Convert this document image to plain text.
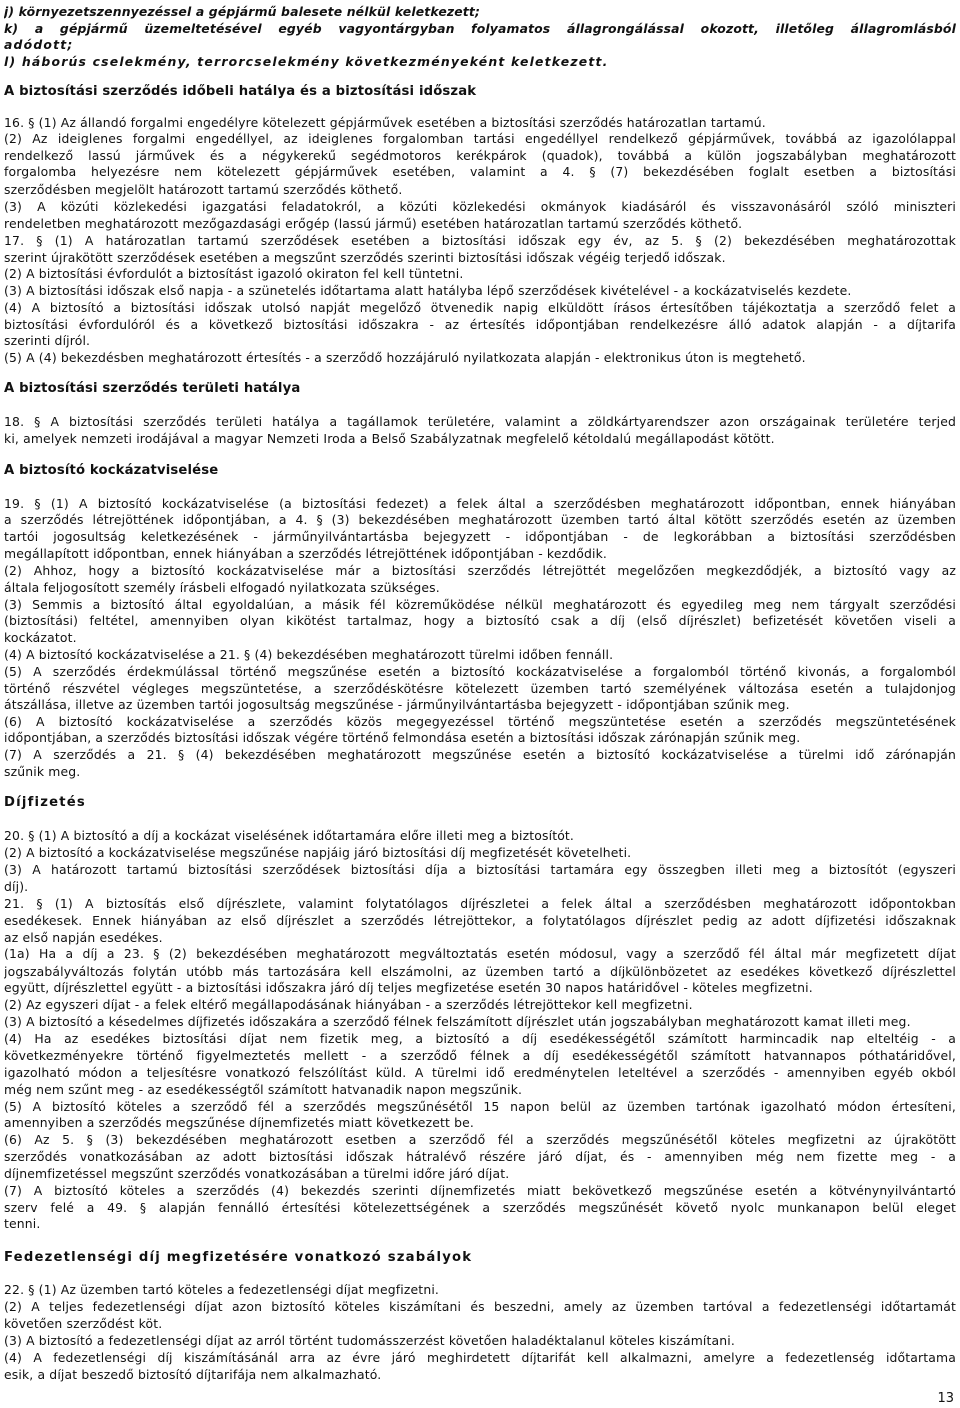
j) környezetszennyezéssel a gépjármű balesete nélkül keletkezett;
k) a gépjármű üzemeltetésével egyéb vagyontárgyban folyamatos állagrongálással okozott, illetőleg állagromlásból
adódott;
l) háborús cselekmény, terrorcselekmény következményeként keletkezett.
A biztosítási szerződés időbeli hatálya és a biztosítási időszak
16. § (1) Az állandó forgalmi engedélyre kötelezett gépjárművek esetében a biztosítási szerződés határozatlan tartamú.
(2) Az ideiglenes forgalmi engedéllyel, az ideiglenes forgalomban tartási engedéllyel rendelkező gépjárművek, továbbá az igazolólappal
rendelkező lassú járművek és a négykerekű segédmotoros kerékpárok (quadok), továbbá a külön jogszabályban meghatározott
forgalomba helyezésre nem kötelezett gépjárművek esetében, valamint a 4. § (7) bekezdésében foglalt esetben a biztosítási
szerződésben megjelölt határozott tartamú szerződés köthető.
(3) A közúti közlekedési igazgatási feladatokról, a közúti közlekedési okmányok kiadásáról és visszavonásáról szóló miniszteri
rendeletben meghatározott mezőgazdasági erőgép (lassú jármű) esetében határozatlan tartamú szerződés köthető.
17. § (1) A határozatlan tartamú szerződések esetében a biztosítási időszak egy év, az 5. § (2) bekezdésében meghatározottak
szerint újrakötött szerződések esetében a megszűnt szerződés szerinti biztosítási időszak végéig terjedő időszak.
(2) A biztosítási évfordulót a biztosítást igazoló okiraton fel kell tüntetni.
(3) A biztosítási időszak első napja - a szünetelés időtartama alatt hatályba lépő szerződések kivételével - a kockázatviselés kezdete.
(4) A biztosító a biztosítási időszak utolsó napját megelőző ötvenedik napig elküldött írásos értesítőben tájékoztatja a szerződő felet a
biztosítási évfordulóról és a következő biztosítási időszakra - az értesítés időpontjában rendelkezésre álló adatok alapján - a díjtarifa
szerinti díjról.
(5) A (4) bekezdésben meghatározott értesítés - a szerződő hozzájáruló nyilatkozata alapján - elektronikus úton is megtehető.
A biztosítási szerződés területi hatálya
18. § A biztosítási szerződés területi hatálya a tagállamok területére, valamint a zöldkártyarendszer azon országainak területére terjed
ki, amelyek nemzeti irodájával a magyar Nemzeti Iroda a Belső Szabályzatnak megfelelő kétoldalú megállapodást kötött.
A biztosító kockázatviselése
19. § (1) A biztosító kockázatviselése (a biztosítási fedezet) a felek által a szerződésben meghatározott időpontban, ennek hiányában
a szerződés létrejöttének időpontjában, a 4. § (3) bekezdésében meghatározott üzemben tartó által kötött szerződés esetén az üzemben
tartói jogosultság keletkezésének - járműnyilvántartásba bejegyzett - időpontjában - de legkorábban a biztosítási szerződésben
megállapított időpontban, ennek hiányában a szerződés létrejöttének időpontjában - kezdődik.
(2) Ahhoz, hogy a biztosító kockázatviselése már a biztosítási szerződés létrejöttét megelőzően megkezdődjék, a biztosító vagy az
általa feljogosított személy írásbeli elfogadó nyilatkozata szükséges.
(3) Semmis a biztosító által egyoldalúan, a másik fél közreműködése nélkül meghatározott és egyedileg meg nem tárgyalt szerződési
(biztosítási) feltétel, amennyiben olyan kikötést tartalmaz, hogy a biztosító csak a díj (első díjrészlet) befizetését követően viseli a
kockázatot.
(4) A biztosító kockázatviselése a 21. § (4) bekezdésében meghatározott türelmi időben fennáll.
(5) A szerződés érdekmúlással történő megszűnése esetén a biztosító kockázatviselése a forgalomból történő kivonás, a forgalomból
történő részvétel végleges megszüntetése, a szerződéskötésre kötelezett üzemben tartó személyének változása esetén a tulajdonjog
átszállása, illetve az üzemben tartói jogosultság megszűnése - járműnyilvántartásba bejegyzett - időpontjában szűnik meg.
(6) A biztosító kockázatviselése a szerződés közös megegyezéssel történő megszüntetése esetén a szerződés megszüntetésének
időpontjában, a szerződés biztosítási időszak végére történő felmondása esetén a biztosítási időszak zárónapján szűnik meg.
(7) A szerződés a 21. § (4) bekezdésében meghatározott megszűnése esetén a biztosító kockázatviselése a türelmi idő zárónapján
szűnik meg.
Díjfizetés
20. § (1) A biztosító a díj a kockázat viselésének időtartamára előre illeti meg a biztosítót.
(2) A biztosító a kockázatviselése megszűnése napjáig járó biztosítási díj megfizetését követelheti.
(3) A határozott tartamú biztosítási szerződések biztosítási díja a biztosítási tartamára egy összegben illeti meg a biztosítót (egyszeri
díj).
21. § (1) A biztosítás első díjrészlete, valamint folytatólagos díjrészletei a felek által a szerződésben meghatározott időpontokban
esedékesek. Ennek hiányában az első díjrészlet a szerződés létrejöttekor, a folytatólagos díjrészlet pedig az adott díjfizetési időszaknak
az első napján esedékes.
(1a) Ha a díj a 23. § (2) bekezdésében meghatározott megváltoztatás esetén módosul, vagy a szerződő fél által már megfizetett díjat
jogszabályváltozás folytán utóbb más tartozására kell elszámolni, az üzemben tartó a díjkülönbözetet az esedékes következő díjrészlettel
együtt, díjrészlettel együtt - a biztosítási időszakra járó díj teljes megfizetése esetén 30 napos határidővel - köteles megfizetni.
(2) Az egyszeri díjat - a felek eltérő megállapodásának hiányában - a szerződés létrejöttekor kell megfizetni.
(3) A biztosító a késedelmes díjfizetés időszakára a szerződő félnek felszámított díjrészlet után jogszabályban meghatározott kamat illeti meg.
(4) Ha az esedékes biztosítási díjat nem fizetik meg, a biztosító a díj esedékességétől számított harmincadik nap elteltéig - a
következményekre történő figyelmeztetés mellett - a szerződő félnek a díj esedékességétől számított hatvannapos póthatáridővel,
igazolható módon a teljesítésre vonatkozó felszólítást küld. A türelmi idő eredménytelen leteltével a szerződés - amennyiben egyéb okból
még nem szűnt meg - az esedékességtől számított hatvanadik napon megszűnik.
(5) A biztosító köteles a szerződő fél a szerződés megszűnésétől 15 napon belül az üzemben tartónak igazolható módon értesíteni,
amennyiben a szerződés megszűnése díjnemfizetés miatt következett be.
(6) Az 5. § (3) bekezdésében meghatározott esetben a szerződő fél a szerződés megszűnésétől köteles megfizetni az újrakötött
szerződés vonatkozásában az adott biztosítási időszak hátralévő részére járó díjat, és - amennyiben még nem fizette meg - a
díjnemfizetéssel megszűnt szerződés vonatkozásában a türelmi időre járó díjat.
(7) A biztosító köteles a szerződés (4) bekezdés szerinti díjnemfizetés miatt bekövetkező megszűnése esetén a kötvénynyilvántartó
szerv felé a 49. § alapján fennálló értesítési kötelezettségének a szerződés megszűnését követő nyolc munkanapon belül eleget
tenni.
Fedezetlenségi díj megfizetésére vonatkozó szabályok
22. § (1) Az üzemben tartó köteles a fedezetlenségi díjat megfizetni.
(2) A teljes fedezetlenségi díjat azon biztosító köteles kiszámítani és beszedni, amely az üzemben tartóval a fedezetlenségi időtartamát
követően szerződést köt.
(3) A biztosító a fedezetlenségi díjat az arról történt tudomásszerzést követően haladéktalanul köteles kiszámítani.
(4) A fedezetlenségi díj kiszámításánál arra az évre járó meghirdetett díjtarifát kell alkalmazni, amelyre a fedezetlenség időtartama
esik, a díjat beszedő biztosító díjtarifája nem alkalmazható.
13
